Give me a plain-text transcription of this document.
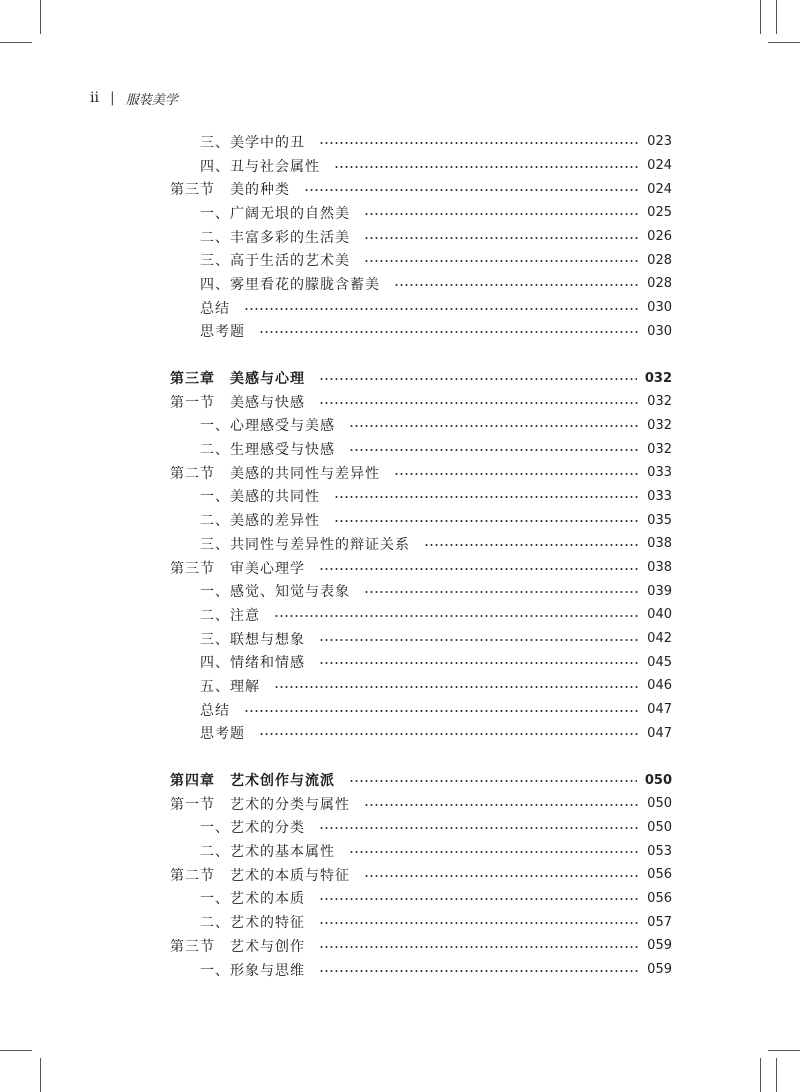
ii | 服装美学
三、美学中的丑	023
四、丑与社会属性	024
第三节　美的种类	024
一、广阔无垠的自然美	025
二、丰富多彩的生活美	026
三、高于生活的艺术美	028
四、雾里看花的朦胧含蓄美	028
总结	030
思考题	030
第三章　美感与心理	032
第一节　美感与快感	032
一、心理感受与美感	032
二、生理感受与快感	032
第二节　美感的共同性与差异性	033
一、美感的共同性	033
二、美感的差异性	035
三、共同性与差异性的辩证关系	038
第三节　审美心理学	038
一、感觉、知觉与表象	039
二、注意	040
三、联想与想象	042
四、情绪和情感	045
五、理解	046
总结	047
思考题	047
第四章　艺术创作与流派	050
第一节　艺术的分类与属性	050
一、艺术的分类	050
二、艺术的基本属性	053
第二节　艺术的本质与特征	056
一、艺术的本质	056
二、艺术的特征	057
第三节　艺术与创作	059
一、形象与思维	059
